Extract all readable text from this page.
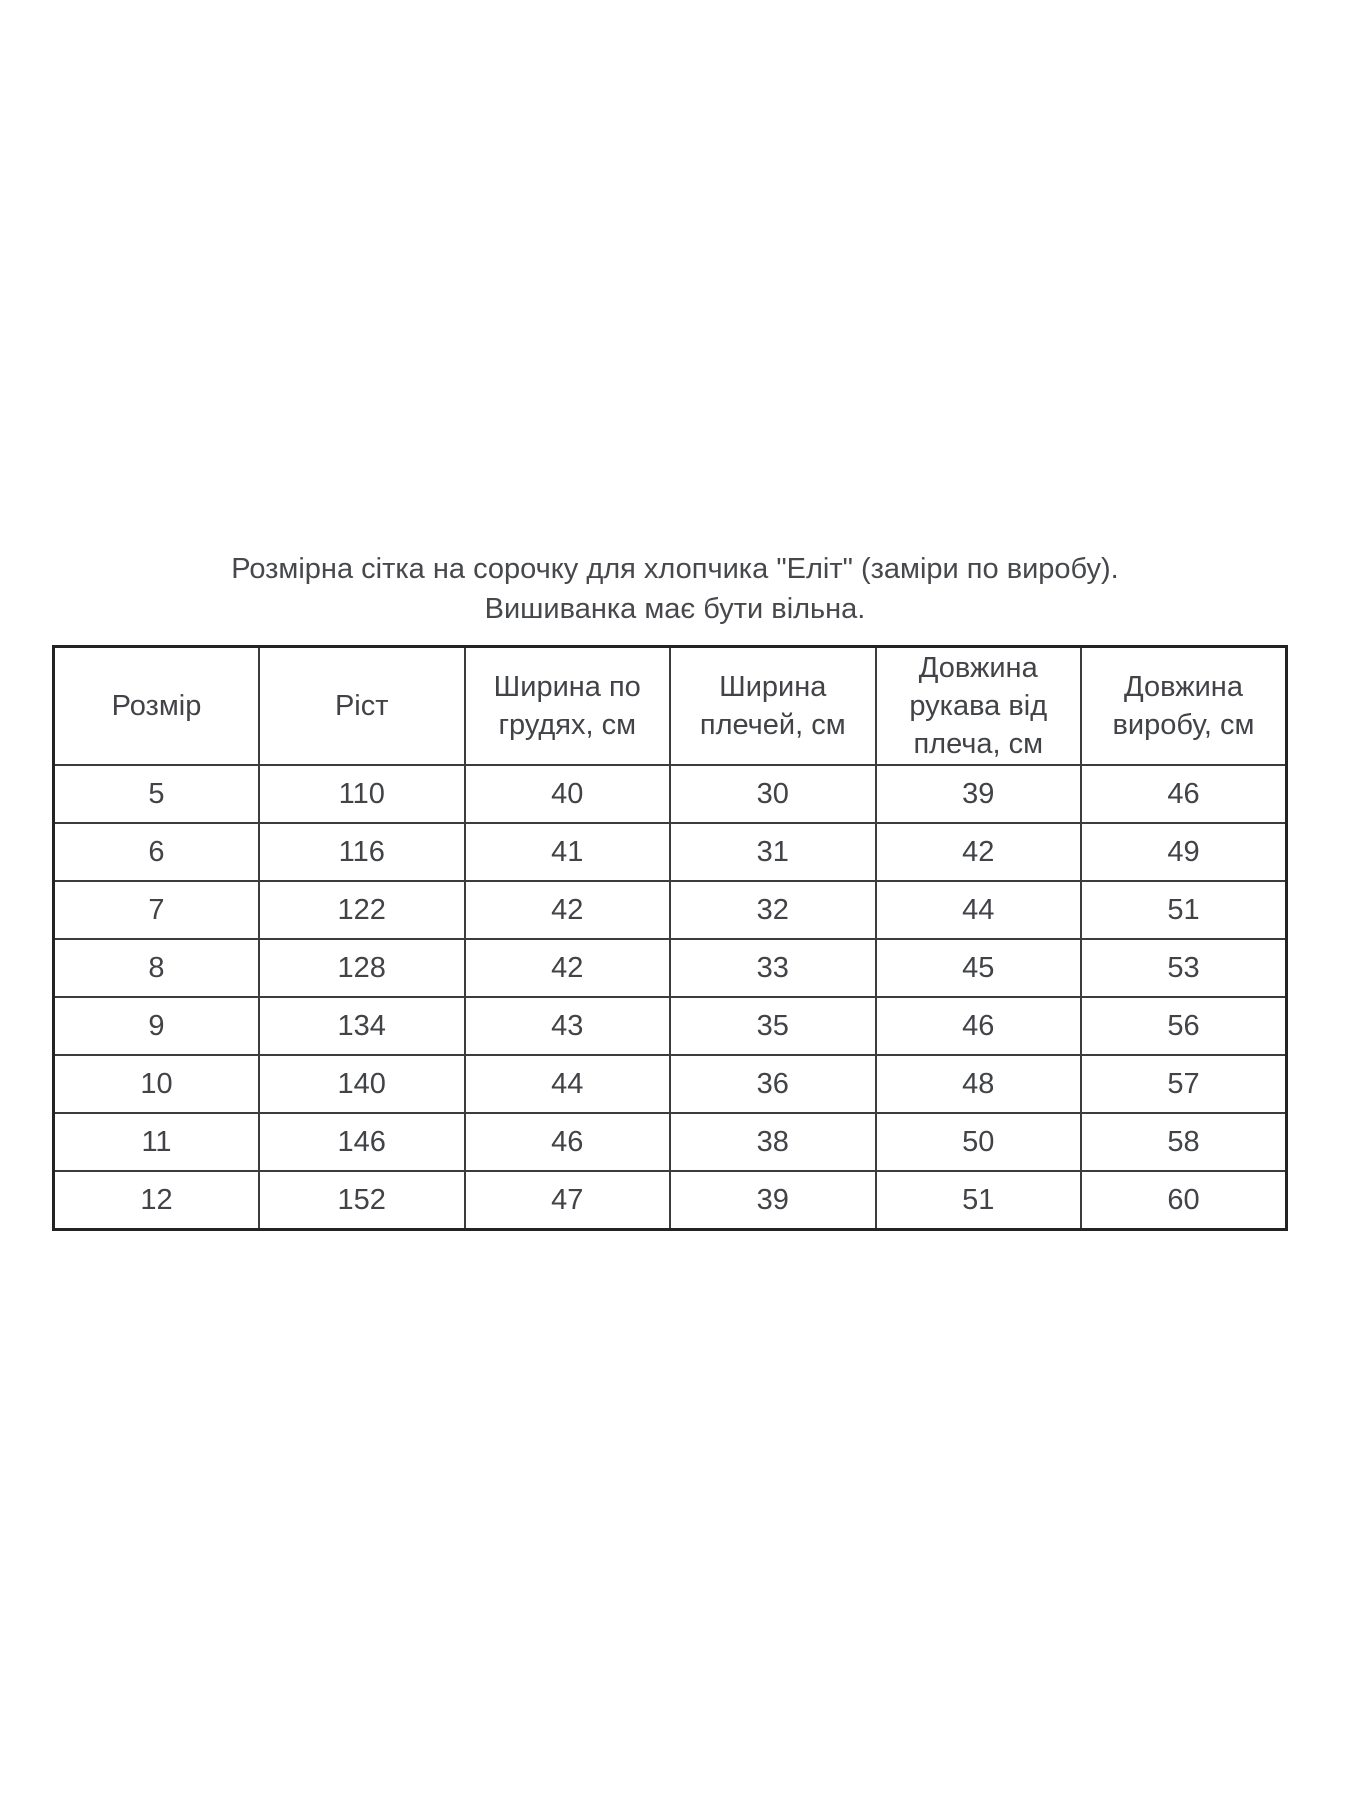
Розмірна сітка на сорочку для хлопчика "Еліт" (заміри по виробу).
Вишиванка має бути вільна.
Розмір	Ріст	Ширина по грудях, см	Ширина плечей, см	Довжина рукава від плеча, см	Довжина виробу, см
5	110	40	30	39	46
6	116	41	31	42	49
7	122	42	32	44	51
8	128	42	33	45	53
9	134	43	35	46	56
10	140	44	36	48	57
11	146	46	38	50	58
12	152	47	39	51	60
